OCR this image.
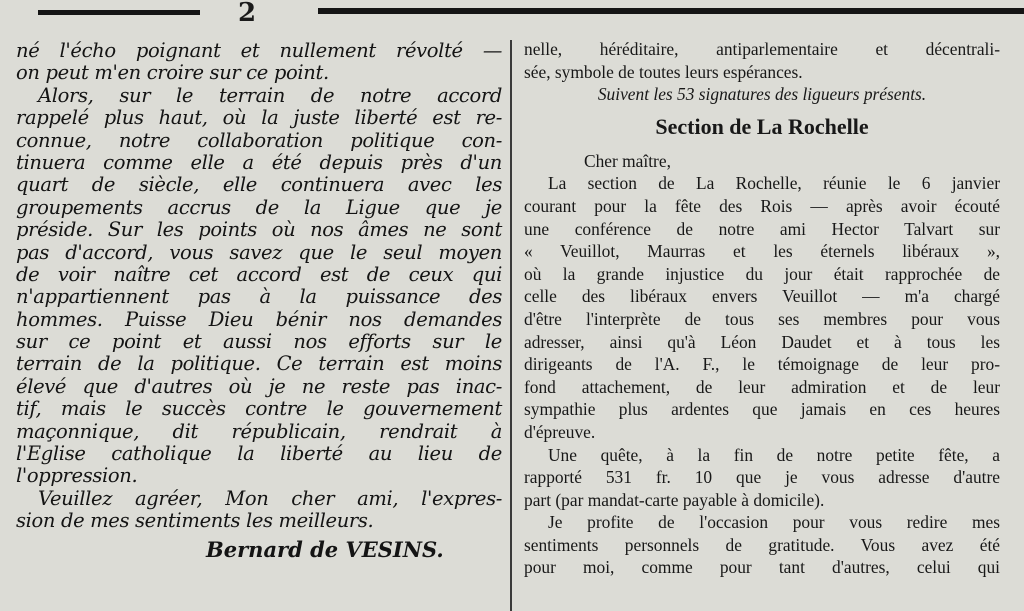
2
né l'écho poignant et nullement révolté —
on peut m'en croire sur ce point.
Alors, sur le terrain de notre accord
rappelé plus haut, où la juste liberté est re-
connue, notre collaboration politique con-
tinuera comme elle a été depuis près d'un
quart de siècle, elle continuera avec les
groupements accrus de la Ligue que je
préside. Sur les points où nos âmes ne sont
pas d'accord, vous savez que le seul moyen
de voir naître cet accord est de ceux qui
n'appartiennent pas à la puissance des
hommes. Puisse Dieu bénir nos demandes
sur ce point et aussi nos efforts sur le
terrain de la politique. Ce terrain est moins
élevé que d'autres où je ne reste pas inac-
tif, mais le succès contre le gouvernement
maçonnique, dit républicain, rendrait à
l'Eglise catholique la liberté au lieu de
l'oppression.
Veuillez agréer, Mon cher ami, l'expres-
sion de mes sentiments les meilleurs.
Bernard de VESINS.
nelle, héréditaire, antiparlementaire et décentrali-
sée, symbole de toutes leurs espérances.
Suivent les 53 signatures des ligueurs présents.
Section de La Rochelle
Cher maître,
La section de La Rochelle, réunie le 6 janvier
courant pour la fête des Rois — après avoir écouté
une conférence de notre ami Hector Talvart sur
« Veuillot, Maurras et les éternels libéraux »,
où la grande injustice du jour était rapprochée de
celle des libéraux envers Veuillot — m'a chargé
d'être l'interprète de tous ses membres pour vous
adresser, ainsi qu'à Léon Daudet et à tous les
dirigeants de l'A. F., le témoignage de leur pro-
fond attachement, de leur admiration et de leur
sympathie plus ardentes que jamais en ces heures
d'épreuve.
Une quête, à la fin de notre petite fête, a
rapporté 531 fr. 10 que je vous adresse d'autre
part (par mandat-carte payable à domicile).
Je profite de l'occasion pour vous redire mes
sentiments personnels de gratitude. Vous avez été
pour moi, comme pour tant d'autres, celui qui
